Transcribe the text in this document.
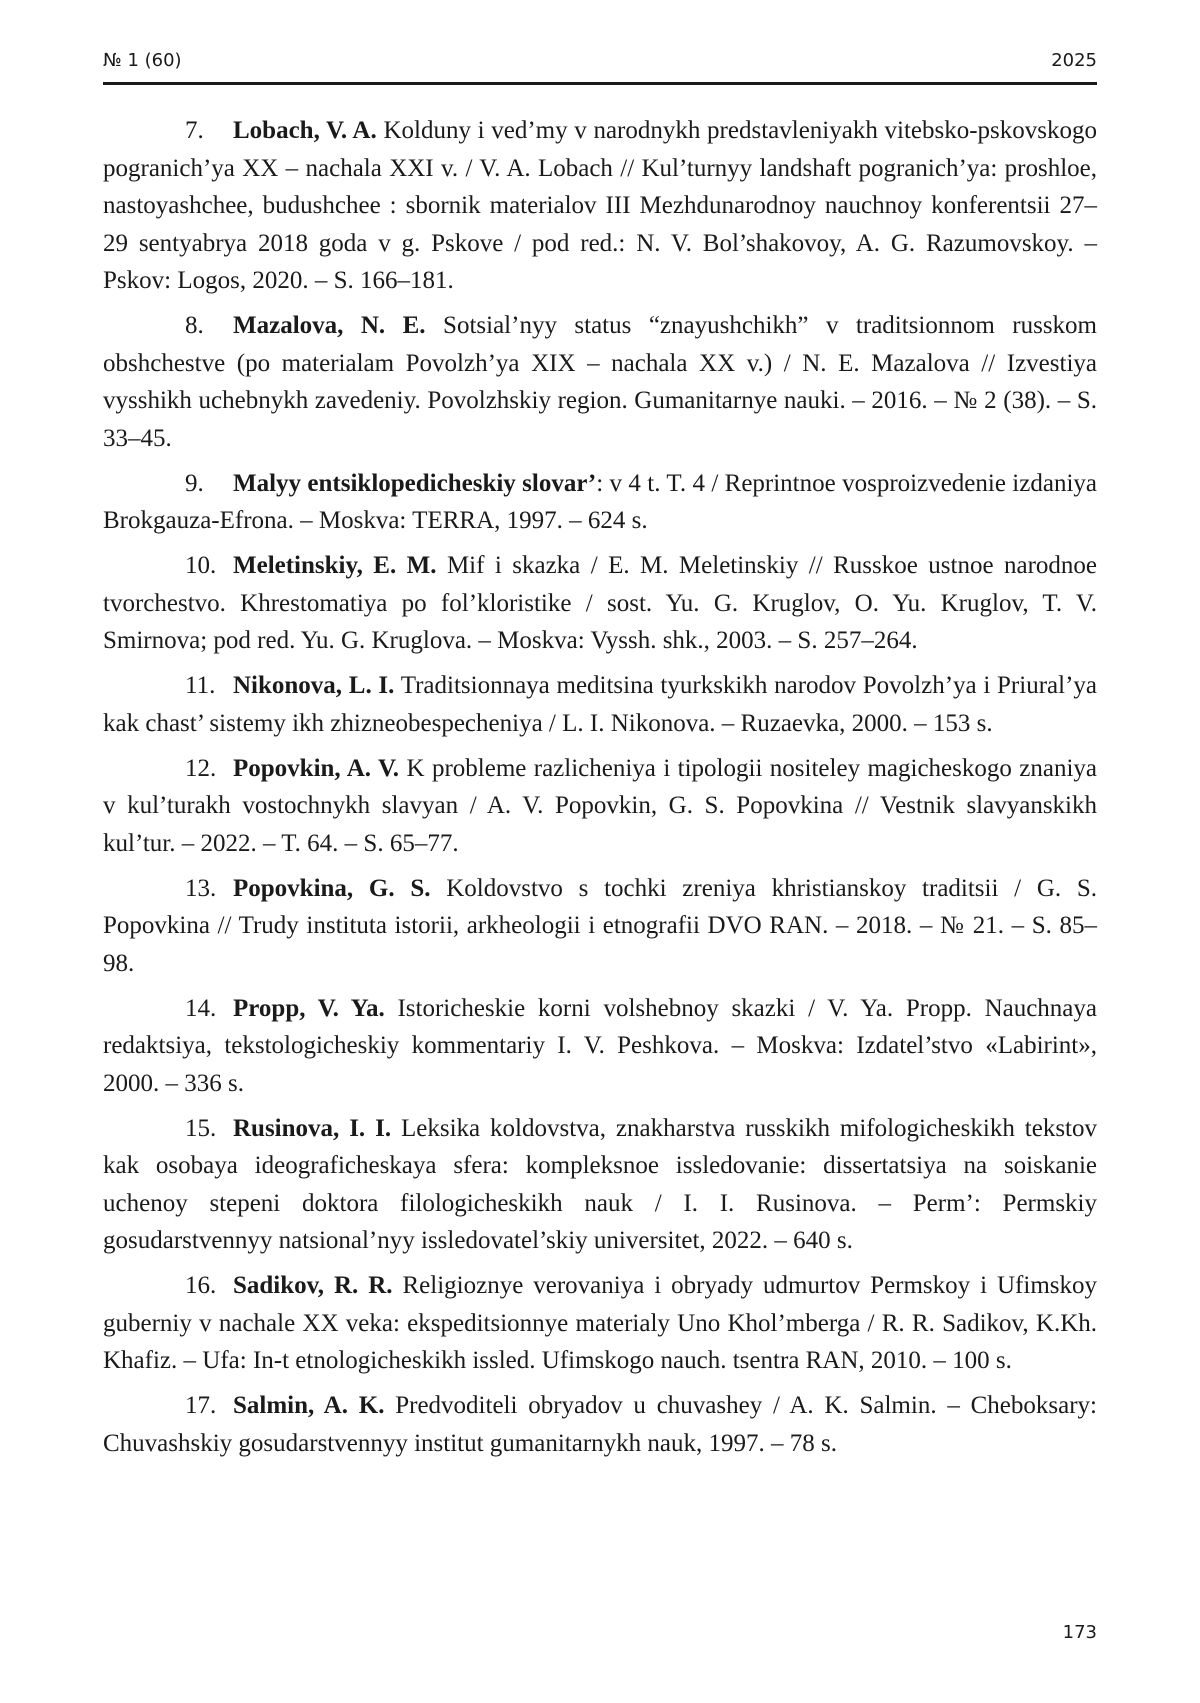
№ 1 (60)	2025
7. Lobach, V. A. Kolduny i ved’my v narodnykh predstavleniyakh vitebsko-pskovskogo pogranich’ya XX – nachala XXI v. / V. A. Lobach // Kul’turnyy landshaft pogranich’ya: proshloe, nastoyashchee, budushchee : sbornik materialov III Mezhdunarodnoy nauchnoy konferentsii 27–29 sentyabrya 2018 goda v g. Pskove / pod red.: N. V. Bol’shakovoy, A. G. Razumovskoy. – Pskov: Logos, 2020. – S. 166–181.
8. Mazalova, N. E. Sotsial’nyy status “znayushchikh” v traditsionnom russkom obshchestve (po materialam Povolzh’ya XIX – nachala XX v.) / N. E. Mazalova // Izvestiya vysshikh uchebnykh zavedeniy. Povolzhskiy region. Gumanitarnye nauki. – 2016. – № 2 (38). – S. 33–45.
9. Malyy entsiklopedicheskiy slovar’: v 4 t. T. 4 / Reprintnoe vosproizvedenie izdaniya Brokgauza-Efrona. – Moskva: TERRA, 1997. – 624 s.
10. Meletinskiy, E. M. Mif i skazka / E. M. Meletinskiy // Russkoe ustnoe narodnoe tvorchestvo. Khrestomatiya po fol’kloristike / sost. Yu. G. Kruglov, O. Yu. Kruglov, T. V. Smirnova; pod red. Yu. G. Kruglova. – Moskva: Vyssh. shk., 2003. – S. 257–264.
11. Nikonova, L. I. Traditsionnaya meditsina tyurkskikh narodov Povolzh’ya i Priural’ya kak chast’ sistemy ikh zhizneobespecheniya / L. I. Nikonova. – Ruzaevka, 2000. – 153 s.
12. Popovkin, A. V. K probleme razlicheniya i tipologii nositeley magicheskogo znaniya v kul’turakh vostochnykh slavyan / A. V. Popovkin, G. S. Popovkina // Vestnik slavyanskikh kul’tur. – 2022. – T. 64. – S. 65–77.
13. Popovkina, G. S. Koldovstvo s tochki zreniya khristianskoy traditsii / G. S. Popovkina // Trudy instituta istorii, arkheologii i etnografii DVO RAN. – 2018. – № 21. – S. 85–98.
14. Propp, V. Ya. Istoricheskie korni volshebnoy skazki / V. Ya. Propp. Nauchnaya redaktsiya, tekstologicheskiy kommentariy I. V. Peshkova. – Moskva: Izdatel’stvo «Labirint», 2000. – 336 s.
15. Rusinova, I. I. Leksika koldovstva, znakharstva russkikh mifologicheskikh tekstov kak osobaya ideograficheskaya sfera: kompleksnoe issledovanie: dissertatsiya na soiskanie uchenoy stepeni doktora filologicheskikh nauk / I. I. Rusinova. – Perm’: Permskiy gosudarstvennyy natsional’nyy issledovatel’skiy universitet, 2022. – 640 s.
16. Sadikov, R. R. Religioznye verovaniya i obryady udmurtov Permskoy i Ufimskoy guberniy v nachale XX veka: ekspeditsionnye materialy Uno Khol’mberga / R. R. Sadikov, K.Kh. Khafiz. – Ufa: In-t etnologicheskikh issled. Ufimskogo nauch. tsentra RAN, 2010. – 100 s.
17. Salmin, A. K. Predvoditeli obryadov u chuvashey / A. K. Salmin. – Cheboksary: Chuvashskiy gosudarstvennyy institut gumanitarnykh nauk, 1997. – 78 s.
173
